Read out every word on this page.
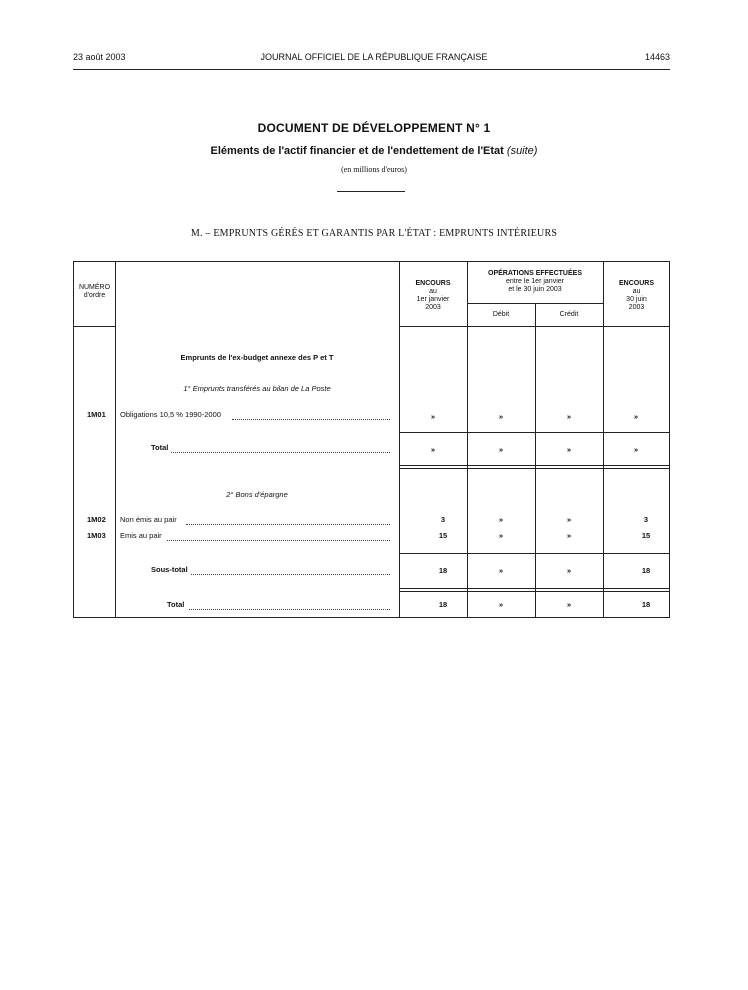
23 août 2003	JOURNAL OFFICIEL DE LA RÉPUBLIQUE FRANÇAISE	14463
DOCUMENT DE DÉVELOPPEMENT N° 1
Eléments de l'actif financier et de l'endettement de l'Etat (suite)
(en millions d'euros)
M. – EMPRUNTS GÉRÉS ET GARANTIS PAR L'ÉTAT : EMPRUNTS INTÉRIEURS
NUMÉRO
d'ordre
ENCOURS
au
1er janvier
2003
OPÉRATIONS EFFECTUÉES
entre le 1er janvier
et le 30 juin 2003
Débit	Crédit
ENCOURS
au
30 juin
2003
Emprunts de l'ex-budget annexe des P et T
1° Emprunts transférés au bilan de La Poste
1M01 Obligations 10,5 % 1990-2000	»	»	»	»
Total	»	»	»	»
2° Bons d'épargne
1M02 Non émis au pair	3	»	»	3
1M03 Emis au pair	15	»	»	15
Sous-total	18	»	»	18
Total	18	»	»	18
